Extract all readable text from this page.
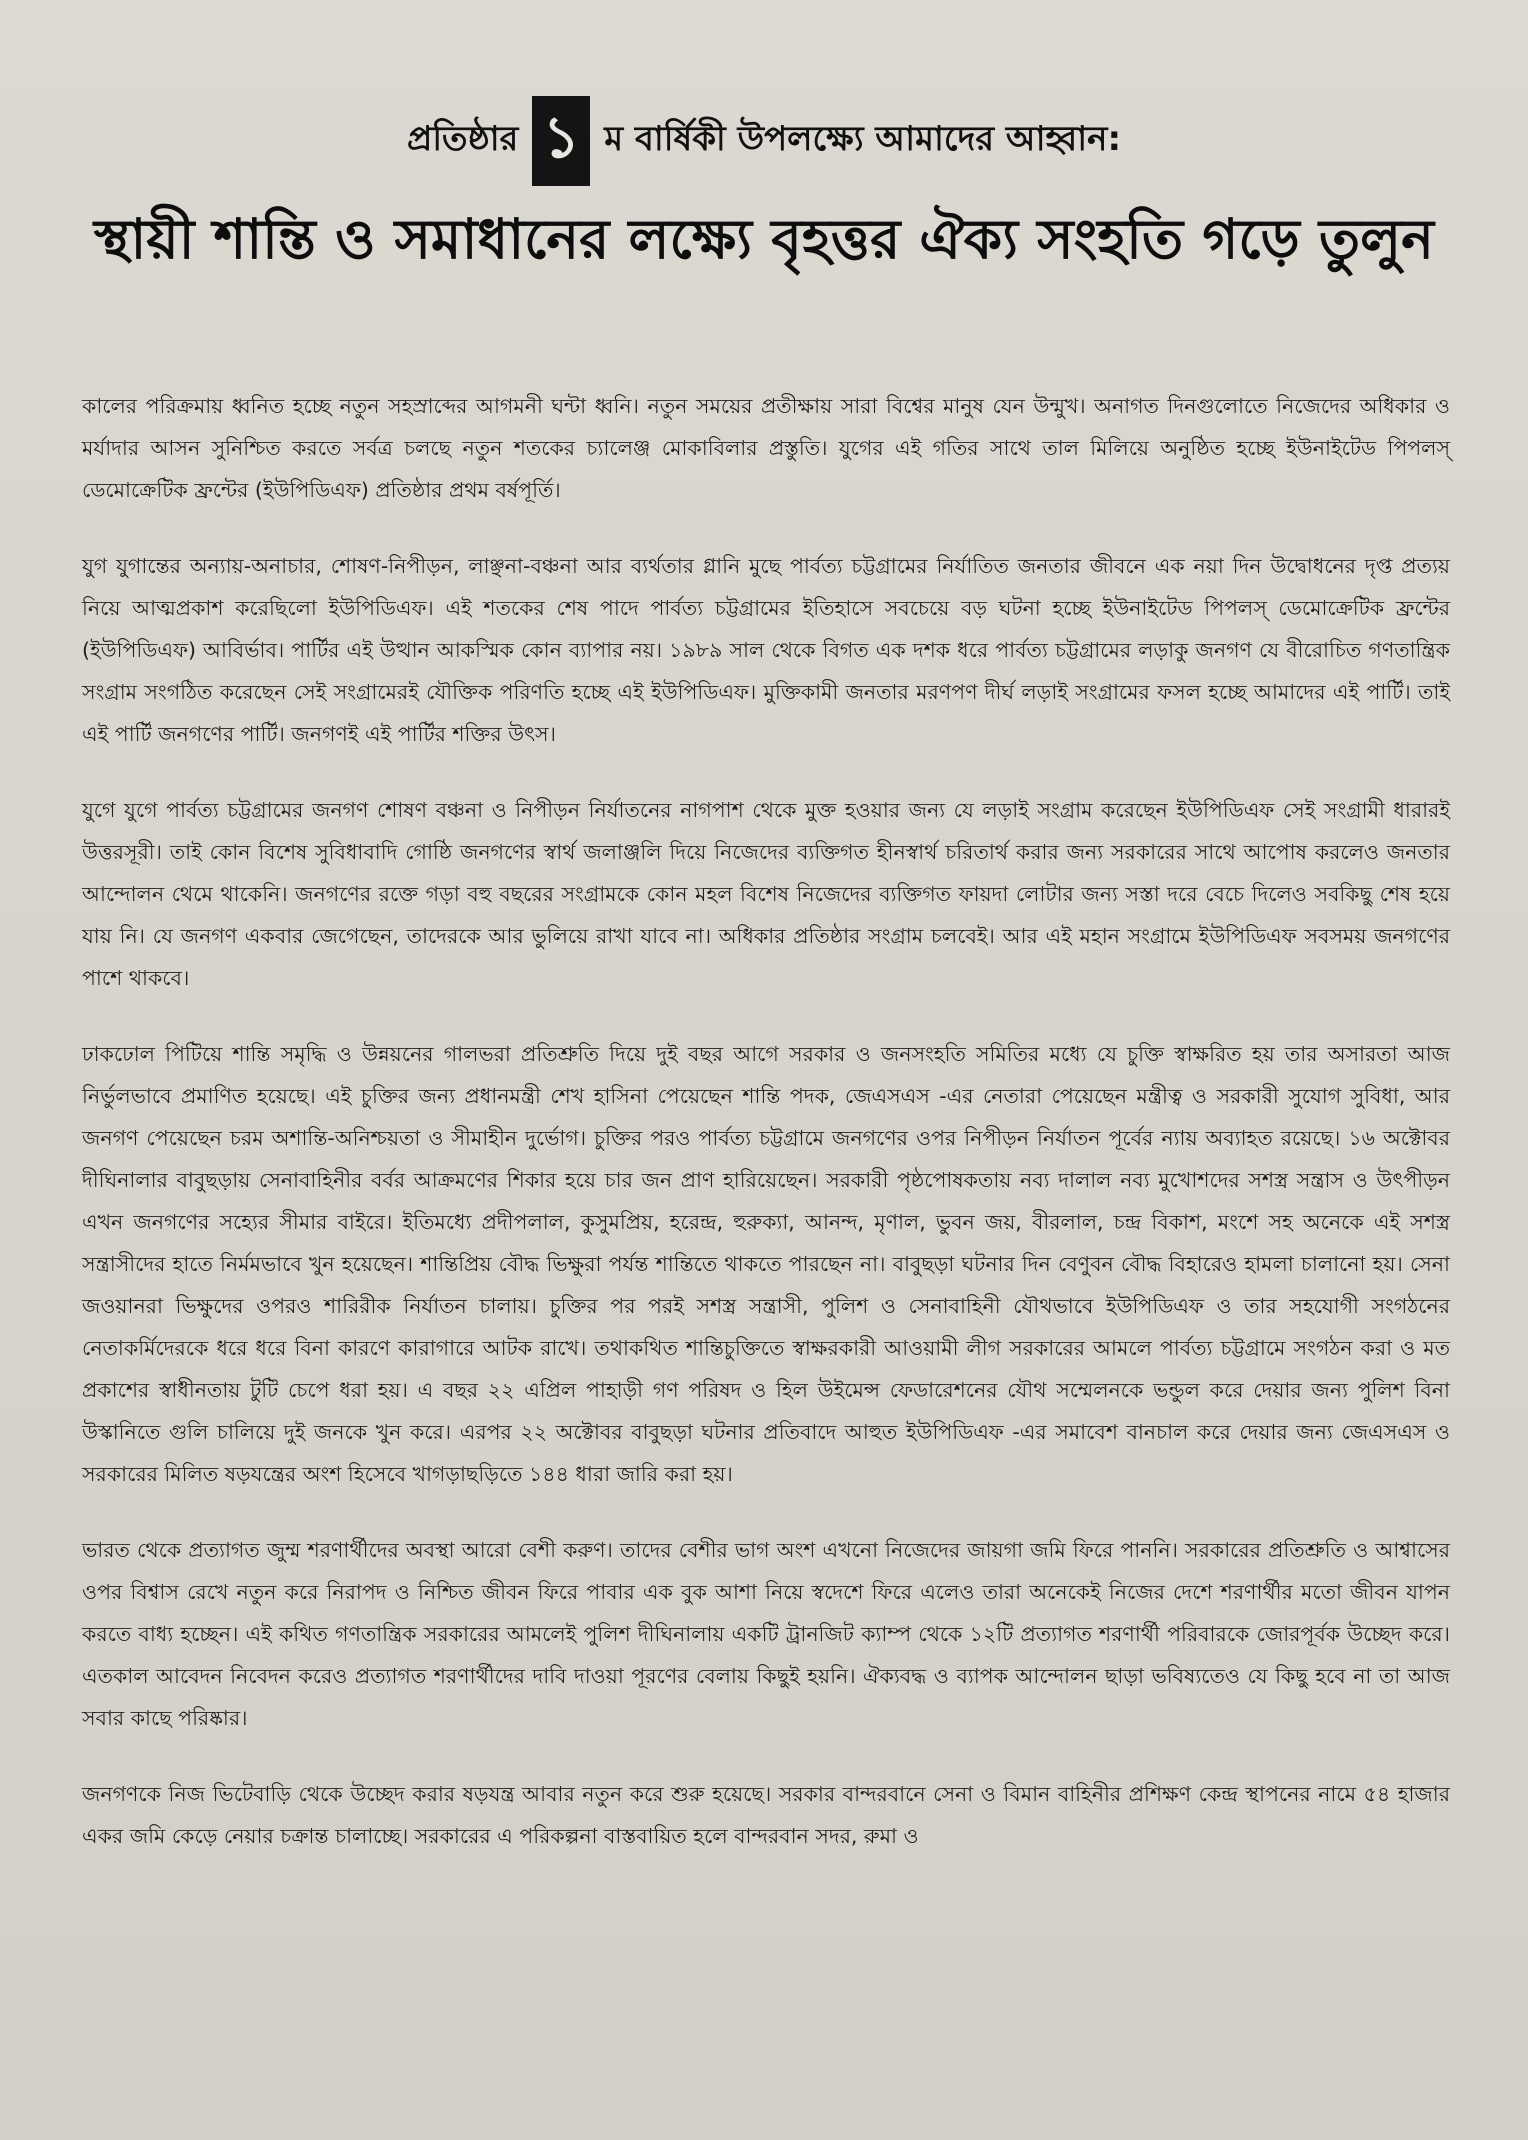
প্রতিষ্ঠার ১ ম বার্ষিকী উপলক্ষ্যে আমাদের আহ্বান:
স্থায়ী শান্তি ও সমাধানের লক্ষ্যে বৃহত্তর ঐক্য সংহতি গড়ে তুলুন

কালের পরিক্রমায় ধ্বনিত হচ্ছে নতুন সহস্রাব্দের আগমনী ঘন্টা ধ্বনি। নতুন সময়ের প্রতীক্ষায় সারা বিশ্বের মানুষ যেন উন্মুখ। অনাগত দিনগুলোতে নিজেদের অধিকার ও মর্যাদার আসন সুনিশ্চিত করতে সর্বত্র চলছে নতুন শতকের চ্যালেঞ্জ মোকাবিলার প্রস্তুতি। যুগের এই গতির সাথে তাল মিলিয়ে অনুষ্ঠিত হচ্ছে ইউনাইটেড পিপলস্‌ ডেমোক্রেটিক ফ্রন্টের (ইউপিডিএফ) প্রতিষ্ঠার প্রথম বর্ষপূর্তি।

যুগ যুগান্তের অন্যায়-অনাচার, শোষণ-নিপীড়ন, লাঞ্ছনা-বঞ্চনা আর ব্যর্থতার গ্লানি মুছে পার্বত্য চট্টগ্রামের নির্যাতিত জনতার জীবনে এক নয়া দিন উদ্বোধনের দৃপ্ত প্রত্যয় নিয়ে আত্মপ্রকাশ করেছিলো ইউপিডিএফ। এই শতকের শেষ পাদে পার্বত্য চট্টগ্রামের ইতিহাসে সবচেয়ে বড় ঘটনা হচ্ছে ইউনাইটেড পিপলস্‌ ডেমোক্রেটিক ফ্রন্টের (ইউপিডিএফ) আবির্ভাব। পার্টির এই উত্থান আকস্মিক কোন ব্যাপার নয়। ১৯৮৯ সাল থেকে বিগত এক দশক ধরে পার্বত্য চট্টগ্রামের লড়াকু জনগণ যে বীরোচিত গণতান্ত্রিক সংগ্রাম সংগঠিত করেছেন সেই সংগ্রামেরই যৌক্তিক পরিণতি হচ্ছে এই ইউপিডিএফ। মুক্তিকামী জনতার মরণপণ দীর্ঘ লড়াই সংগ্রামের ফসল হচ্ছে আমাদের এই পার্টি। তাই এই পার্টি জনগণের পার্টি। জনগণই এই পার্টির শক্তির উৎস।

যুগে যুগে পার্বত্য চট্টগ্রামের জনগণ শোষণ বঞ্চনা ও নিপীড়ন নির্যাতনের নাগপাশ থেকে মুক্ত হওয়ার জন্য যে লড়াই সংগ্রাম করেছেন ইউপিডিএফ সেই সংগ্রামী ধারারই উত্তরসূরী। তাই কোন বিশেষ সুবিধাবাদি গোষ্ঠি জনগণের স্বার্থ জলাঞ্জলি দিয়ে নিজেদের ব্যক্তিগত হীনস্বার্থ চরিতার্থ করার জন্য সরকারের সাথে আপোষ করলেও জনতার আন্দোলন থেমে থাকেনি। জনগণের রক্তে গড়া বহু বছরের সংগ্রামকে কোন মহল বিশেষ নিজেদের ব্যক্তিগত ফায়দা লোটার জন্য সস্তা দরে বেচে দিলেও সবকিছু শেষ হয়ে যায় নি। যে জনগণ একবার জেগেছেন, তাদেরকে আর ভুলিয়ে রাখা যাবে না। অধিকার প্রতিষ্ঠার সংগ্রাম চলবেই। আর এই মহান সংগ্রামে ইউপিডিএফ সবসময় জনগণের পাশে থাকবে।

ঢাকঢোল পিটিয়ে শান্তি সমৃদ্ধি ও উন্নয়নের গালভরা প্রতিশ্রুতি দিয়ে দুই বছর আগে সরকার ও জনসংহতি সমিতির মধ্যে যে চুক্তি স্বাক্ষরিত হয় তার অসারতা আজ নির্ভুলভাবে প্রমাণিত হয়েছে। এই চুক্তির জন্য প্রধানমন্ত্রী শেখ হাসিনা পেয়েছেন শান্তি পদক, জেএসএস -এর নেতারা পেয়েছেন মন্ত্রীত্ব ও সরকারী সুযোগ সুবিধা, আর জনগণ পেয়েছেন চরম অশান্তি-অনিশ্চয়তা ও সীমাহীন দুর্ভোগ। চুক্তির পরও পার্বত্য চট্টগ্রামে জনগণের ওপর নিপীড়ন নির্যাতন পূর্বের ন্যায় অব্যাহত রয়েছে। ১৬ অক্টোবর দীঘিনালার বাবুছড়ায় সেনাবাহিনীর বর্বর আক্রমণের শিকার হয়ে চার জন প্রাণ হারিয়েছেন। সরকারী পৃষ্ঠপোষকতায় নব্য দালাল নব্য মুখোশদের সশস্ত্র সন্ত্রাস ও উৎপীড়ন এখন জনগণের সহ্যের সীমার বাইরে। ইতিমধ্যে প্রদীপলাল, কুসুমপ্রিয়, হরেন্দ্র, হুরুক্যা, আনন্দ, মৃণাল, ভুবন জয়, বীরলাল, চন্দ্র বিকাশ, মংশে সহ অনেকে এই সশস্ত্র সন্ত্রাসীদের হাতে নির্মমভাবে খুন হয়েছেন। শান্তিপ্রিয় বৌদ্ধ ভিক্ষুরা পর্যন্ত শান্তিতে থাকতে পারছেন না। বাবুছড়া ঘটনার দিন বেণুবন বৌদ্ধ বিহারেও হামলা চালানো হয়। সেনা জওয়ানরা ভিক্ষুদের ওপরও শারিরীক নির্যাতন চালায়। চুক্তির পর পরই সশস্ত্র সন্ত্রাসী, পুলিশ ও সেনাবাহিনী যৌথভাবে ইউপিডিএফ ও তার সহযোগী সংগঠনের নেতাকর্মিদেরকে ধরে ধরে বিনা কারণে কারাগারে আটক রাখে। তথাকথিত শান্তিচুক্তিতে স্বাক্ষরকারী আওয়ামী লীগ সরকারের আমলে পার্বত্য চট্টগ্রামে সংগঠন করা ও মত প্রকাশের স্বাধীনতায় টুটি চেপে ধরা হয়। এ বছর ২২ এপ্রিল পাহাড়ী গণ পরিষদ ও হিল উইমেন্স ফেডারেশনের যৌথ সম্মেলনকে ভন্ডুল করে দেয়ার জন্য পুলিশ বিনা উস্কানিতে গুলি চালিয়ে দুই জনকে খুন করে। এরপর ২২ অক্টোবর বাবুছড়া ঘটনার প্রতিবাদে আহুত ইউপিডিএফ -এর সমাবেশ বানচাল করে দেয়ার জন্য জেএসএস ও সরকারের মিলিত ষড়যন্ত্রের অংশ হিসেবে খাগড়াছড়িতে ১৪৪ ধারা জারি করা হয়।

ভারত থেকে প্রত্যাগত জুম্ম শরণার্থীদের অবস্থা আরো বেশী করুণ। তাদের বেশীর ভাগ অংশ এখনো নিজেদের জায়গা জমি ফিরে পাননি। সরকারের প্রতিশ্রুতি ও আশ্বাসের ওপর বিশ্বাস রেখে নতুন করে নিরাপদ ও নিশ্চিত জীবন ফিরে পাবার এক বুক আশা নিয়ে স্বদেশে ফিরে এলেও তারা অনেকেই নিজের দেশে শরণার্থীর মতো জীবন যাপন করতে বাধ্য হচ্ছেন। এই কথিত গণতান্ত্রিক সরকারের আমলেই পুলিশ দীঘিনালায় একটি ট্রানজিট ক্যাম্প থেকে ১২টি প্রত্যাগত শরণার্থী পরিবারকে জোরপূর্বক উচ্ছেদ করে। এতকাল আবেদন নিবেদন করেও প্রত্যাগত শরণার্থীদের দাবি দাওয়া পূরণের বেলায় কিছুই হয়নি। ঐক্যবদ্ধ ও ব্যাপক আন্দোলন ছাড়া ভবিষ্যতেও যে কিছু হবে না তা আজ সবার কাছে পরিষ্কার।

জনগণকে নিজ ভিটেবাড়ি থেকে উচ্ছেদ করার ষড়যন্ত্র আবার নতুন করে শুরু হয়েছে। সরকার বান্দরবানে সেনা ও বিমান বাহিনীর প্রশিক্ষণ কেন্দ্র স্থাপনের নামে ৫৪ হাজার একর জমি কেড়ে নেয়ার চক্রান্ত চালাচ্ছে। সরকারের এ পরিকল্পনা বাস্তবায়িত হলে বান্দরবান সদর, রুমা ও
